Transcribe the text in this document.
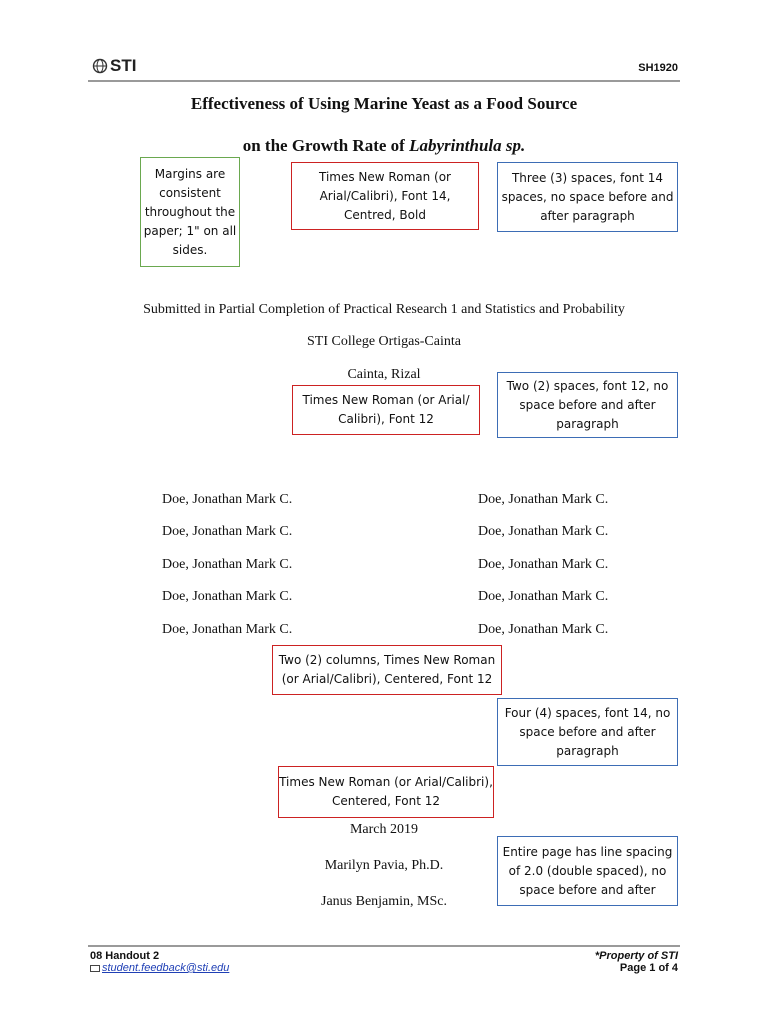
STI	SH1920
Effectiveness of Using Marine Yeast as a Food Source
on the Growth Rate of Labyrinthula sp.
Margins are consistent throughout the paper; 1" on all sides.
Times New Roman (or Arial/Calibri), Font 14, Centred, Bold
Three (3) spaces, font 14 spaces, no space before and after paragraph
Submitted in Partial Completion of Practical Research 1 and Statistics and Probability
STI College Ortigas-Cainta
Cainta, Rizal
Times New Roman (or Arial/ Calibri), Font 12
Two (2) spaces, font 12, no space before and after paragraph
Doe, Jonathan Mark C.
Doe, Jonathan Mark C.
Doe, Jonathan Mark C.
Doe, Jonathan Mark C.
Doe, Jonathan Mark C.
Doe, Jonathan Mark C.
Doe, Jonathan Mark C.
Doe, Jonathan Mark C.
Doe, Jonathan Mark C.
Doe, Jonathan Mark C.
Two (2) columns, Times New Roman (or Arial/Calibri), Centered, Font 12
Four (4) spaces, font 14, no space before and after paragraph
Times New Roman (or Arial/Calibri), Centered, Font 12
March 2019
Marilyn Pavia, Ph.D.
Janus Benjamin, MSc.
Entire page has line spacing of 2.0 (double spaced), no space before and after
08 Handout 2
student.feedback@sti.edu
*Property of STI
Page 1 of 4
